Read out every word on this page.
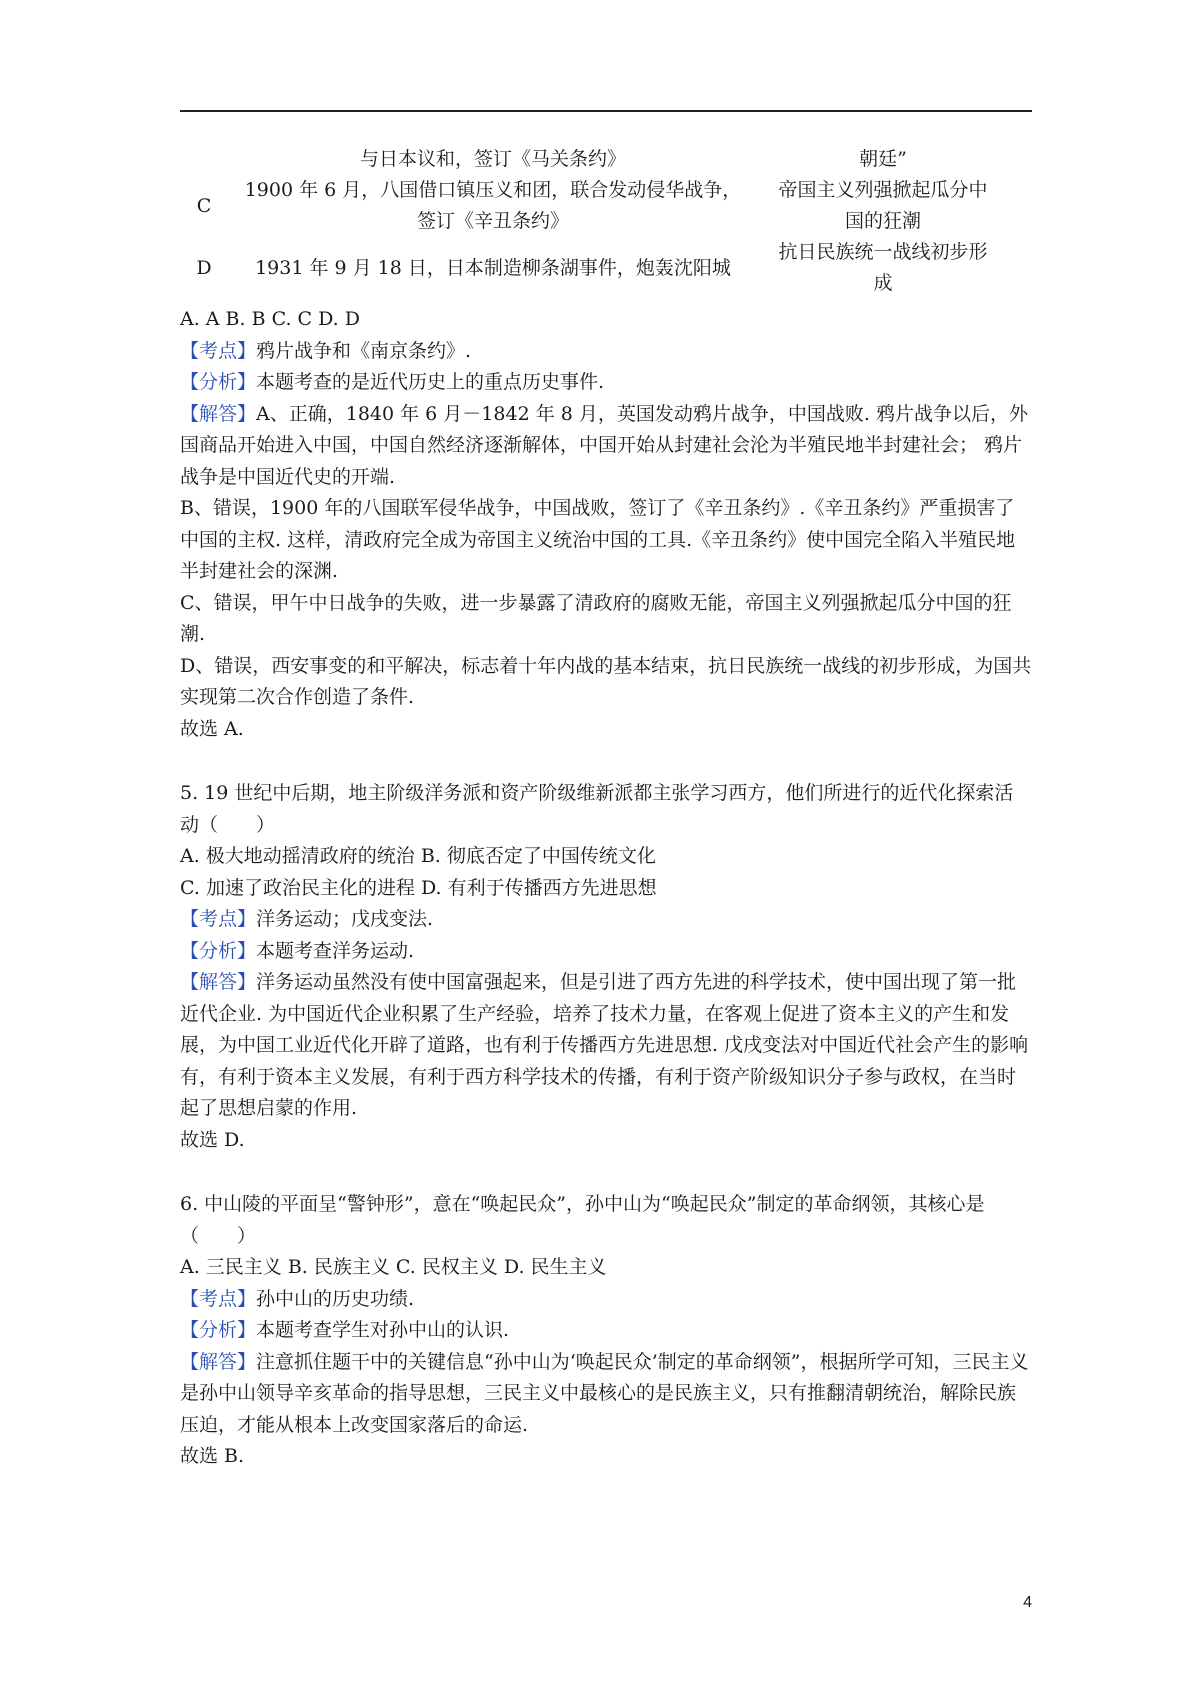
与日本议和，签订《马关条约》	朝廷”
C
1900 年 6 月，八国借口镇压义和团，联合发动侵华战争，
签订《辛丑条约》
帝国主义列强掀起瓜分中
国的狂潮
D	1931 年 9 月 18 日，日本制造柳条湖事件，炮轰沈阳城
抗日民族统一战线初步形
成

A. A B. B C. C D. D

【考点】鸦片战争和《南京条约》.

【分析】本题考查的是近代历史上的重点历史事件.

【解答】A、正确，1840 年 6 月－1842 年 8 月，英国发动鸦片战争，中国战败. 鸦片战争以后，外国商品开始进入中国，中国自然经济逐渐解体，中国开始从封建社会沦为半殖民地半封建社会； 鸦片战争是中国近代史的开端.

B、错误，1900 年的八国联军侵华战争，中国战败，签订了《辛丑条约》.《辛丑条约》严重损害了中国的主权. 这样，清政府完全成为帝国主义统治中国的工具.《辛丑条约》使中国完全陷入半殖民地半封建社会的深渊.

C、错误，甲午中日战争的失败，进一步暴露了清政府的腐败无能，帝国主义列强掀起瓜分中国的狂潮.

D、错误，西安事变的和平解决，标志着十年内战的基本结束，抗日民族统一战线的初步形成，为国共实现第二次合作创造了条件.

故选 A.

5. 19 世纪中后期，地主阶级洋务派和资产阶级维新派都主张学习西方，他们所进行的近代化探索活动（　　）

A. 极大地动摇清政府的统治 B. 彻底否定了中国传统文化

C. 加速了政治民主化的进程 D. 有利于传播西方先进思想

【考点】洋务运动；戊戌变法.

【分析】本题考查洋务运动.

【解答】洋务运动虽然没有使中国富强起来，但是引进了西方先进的科学技术，使中国出现了第一批近代企业. 为中国近代企业积累了生产经验，培养了技术力量，在客观上促进了资本主义的产生和发展，为中国工业近代化开辟了道路，也有利于传播西方先进思想. 戊戌变法对中国近代社会产生的影响有，有利于资本主义发展，有利于西方科学技术的传播，有利于资产阶级知识分子参与政权，在当时起了思想启蒙的作用.

故选 D.

6. 中山陵的平面呈“警钟形”，意在“唤起民众”，孙中山为“唤起民众”制定的革命纲领，其核心是（　　）

A. 三民主义 B. 民族主义 C. 民权主义 D. 民生主义

【考点】孙中山的历史功绩.

【分析】本题考查学生对孙中山的认识.

【解答】注意抓住题干中的关键信息“孙中山为‘唤起民众’制定的革命纲领”，根据所学可知，三民主义是孙中山领导辛亥革命的指导思想，三民主义中最核心的是民族主义，只有推翻清朝统治，解除民族压迫，才能从根本上改变国家落后的命运.

故选 B.

4
